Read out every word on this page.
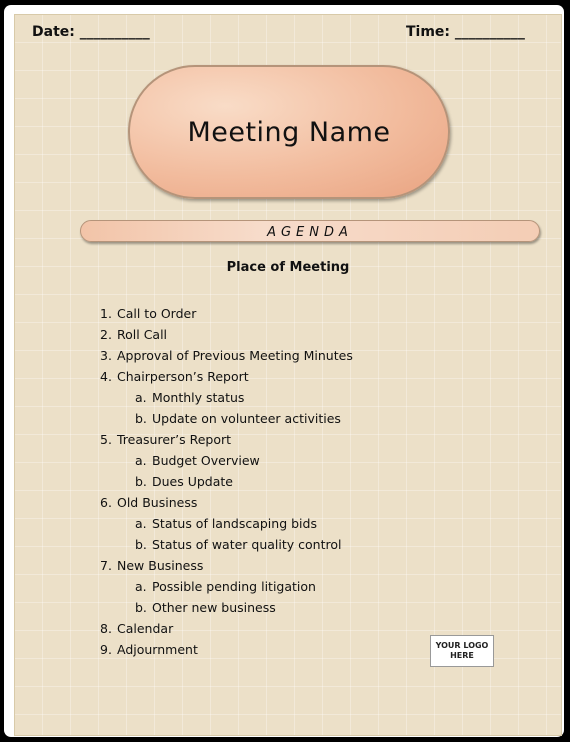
Date: __________	Time: __________
Meeting Name
AGENDA
Place of Meeting
1. Call to Order
2. Roll Call
3. Approval of Previous Meeting Minutes
4. Chairperson’s Report
a. Monthly status
b. Update on volunteer activities
5. Treasurer’s Report
a. Budget Overview
b. Dues Update
6. Old Business
a. Status of landscaping bids
b. Status of water quality control
7. New Business
a. Possible pending litigation
b. Other new business
8. Calendar
9. Adjournment	YOUR LOGO HERE
